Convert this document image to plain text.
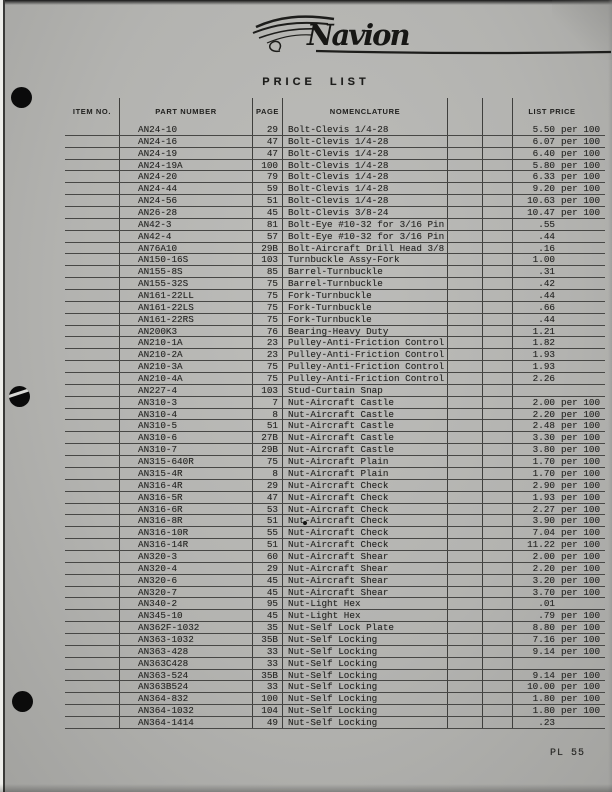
Navion
PRICE LIST
ITEM NO.	PART NUMBER	PAGE	NOMENCLATURE	LIST PRICE
AN24-10	29	Bolt-Clevis 1/4-28	5.50 per 100
AN24-16	47	Bolt-Clevis 1/4-28	6.07 per 100
AN24-19	47	Bolt-Clevis 1/4-28	6.40 per 100
AN24-19A	100	Bolt-Clevis 1/4-28	5.80 per 100
AN24-20	79	Bolt-Clevis 1/4-28	6.33 per 100
AN24-44	59	Bolt-Clevis 1/4-28	9.20 per 100
AN24-56	51	Bolt-Clevis 1/4-28	10.63 per 100
AN26-28	45	Bolt-Clevis 3/8-24	10.47 per 100
AN42-3	81	Bolt-Eye #10-32 for 3/16 Pin	.55
AN42-4	57	Bolt-Eye #10-32 for 3/16 Pin	.44
AN76A10	29B	Bolt-Aircraft Drill Head 3/8	.16
AN150-16S	103	Turnbuckle Assy-Fork	1.00
AN155-8S	85	Barrel-Turnbuckle	.31
AN155-32S	75	Barrel-Turnbuckle	.42
AN161-22LL	75	Fork-Turnbuckle	.44
AN161-22LS	75	Fork-Turnbuckle	.66
AN161-22RS	75	Fork-Turnbuckle	.44
AN200K3	76	Bearing-Heavy Duty	1.21
AN210-1A	23	Pulley-Anti-Friction Control	1.82
AN210-2A	23	Pulley-Anti-Friction Control	1.93
AN210-3A	75	Pulley-Anti-Friction Control	1.93
AN210-4A	75	Pulley-Anti-Friction Control	2.26
AN227-4	103	Stud-Curtain Snap
AN310-3	7	Nut-Aircraft Castle	2.00 per 100
AN310-4	8	Nut-Aircraft Castle	2.20 per 100
AN310-5	51	Nut-Aircraft Castle	2.48 per 100
AN310-6	27B	Nut-Aircraft Castle	3.30 per 100
AN310-7	29B	Nut-Aircraft Castle	3.80 per 100
AN315-640R	75	Nut-Aircraft Plain	1.70 per 100
AN315-4R	8	Nut-Aircraft Plain	1.70 per 100
AN316-4R	29	Nut-Aircraft Check	2.90 per 100
AN316-5R	47	Nut-Aircraft Check	1.93 per 100
AN316-6R	53	Nut-Aircraft Check	2.27 per 100
AN316-8R	51	Nut-Aircraft Check	3.90 per 100
AN316-10R	55	Nut-Aircraft Check	7.04 per 100
AN316-14R	51	Nut-Aircraft Check	11.22 per 100
AN320-3	60	Nut-Aircraft Shear	2.00 per 100
AN320-4	29	Nut-Aircraft Shear	2.20 per 100
AN320-6	45	Nut-Aircraft Shear	3.20 per 100
AN320-7	45	Nut-Aircraft Shear	3.70 per 100
AN340-2	95	Nut-Light Hex	.01
AN345-10	45	Nut-Light Hex	.79 per 100
AN362F-1032	35	Nut-Self Lock Plate	8.80 per 100
AN363-1032	35B	Nut-Self Locking	7.16 per 100
AN363-428	33	Nut-Self Locking	9.14 per 100
AN363C428	33	Nut-Self Locking
AN363-524	35B	Nut-Self Locking	9.14 per 100
AN363B524	33	Nut-Self Locking	10.00 per 100
AN364-832	100	Nut-Self Locking	1.80 per 100
AN364-1032	104	Nut-Self Locking	1.80 per 100
AN364-1414	49	Nut-Self Locking	.23
PL 55
